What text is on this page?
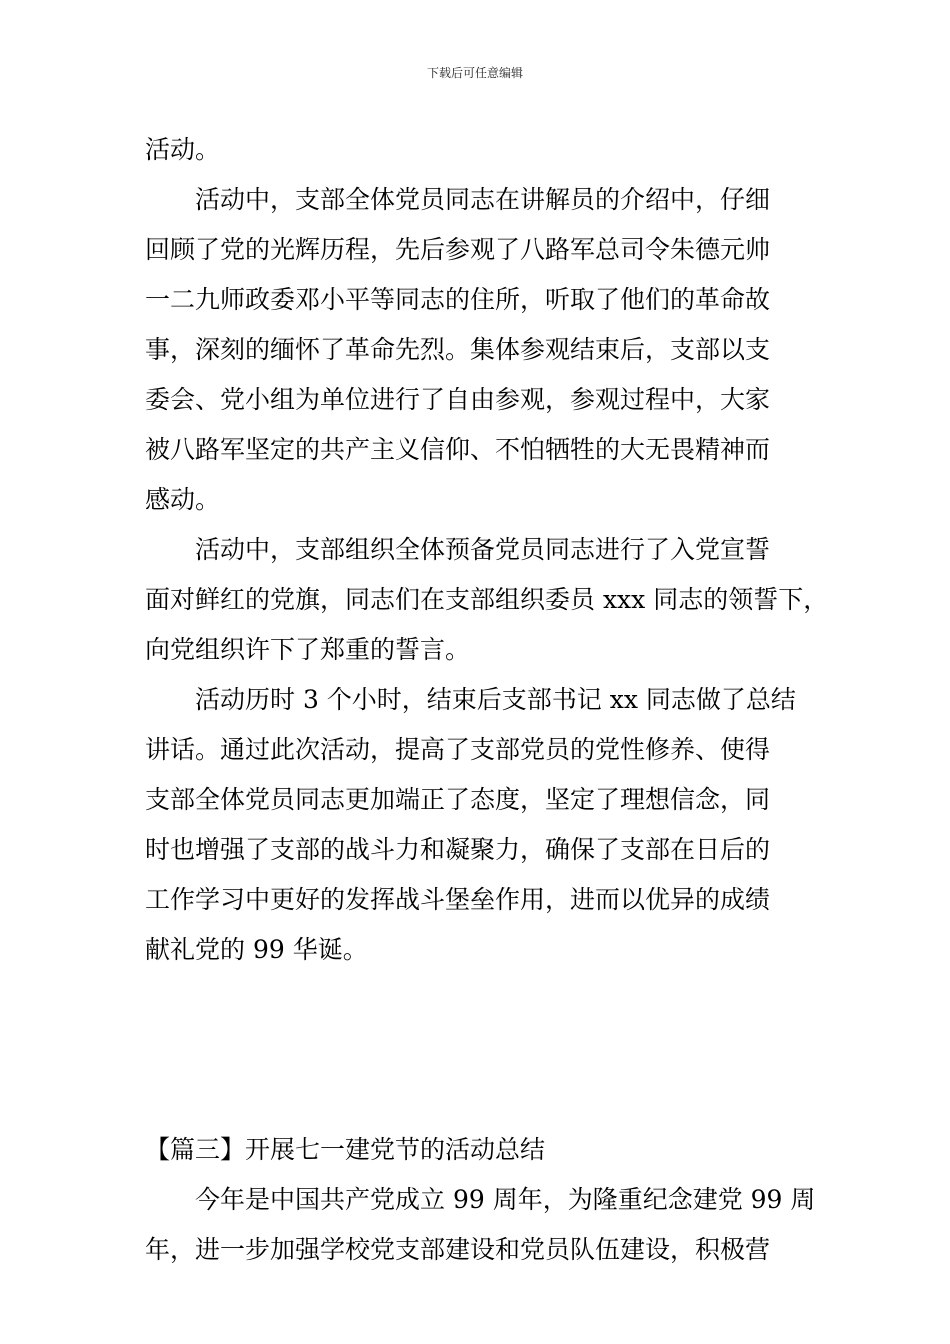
下载后可任意编辑
活动。
活动中，支部全体党员同志在讲解员的介绍中，仔细
回顾了党的光辉历程，先后参观了八路军总司令朱德元帅
一二九师政委邓小平等同志的住所，听取了他们的革命故
事，深刻的缅怀了革命先烈。集体参观结束后，支部以支
委会、党小组为单位进行了自由参观，参观过程中，大家
被八路军坚定的共产主义信仰、不怕牺牲的大无畏精神而
感动。
活动中，支部组织全体预备党员同志进行了入党宣誓
面对鲜红的党旗，同志们在支部组织委员 xxx 同志的领誓下，
向党组织许下了郑重的誓言。
活动历时 3 个小时，结束后支部书记 xx 同志做了总结
讲话。通过此次活动，提高了支部党员的党性修养、使得
支部全体党员同志更加端正了态度，坚定了理想信念，同
时也增强了支部的战斗力和凝聚力，确保了支部在日后的
工作学习中更好的发挥战斗堡垒作用，进而以优异的成绩
献礼党的 99 华诞。
【篇三】开展七一建党节的活动总结
今年是中国共产党成立 99 周年，为隆重纪念建党 99 周
年，进一步加强学校党支部建设和党员队伍建设，积极营
